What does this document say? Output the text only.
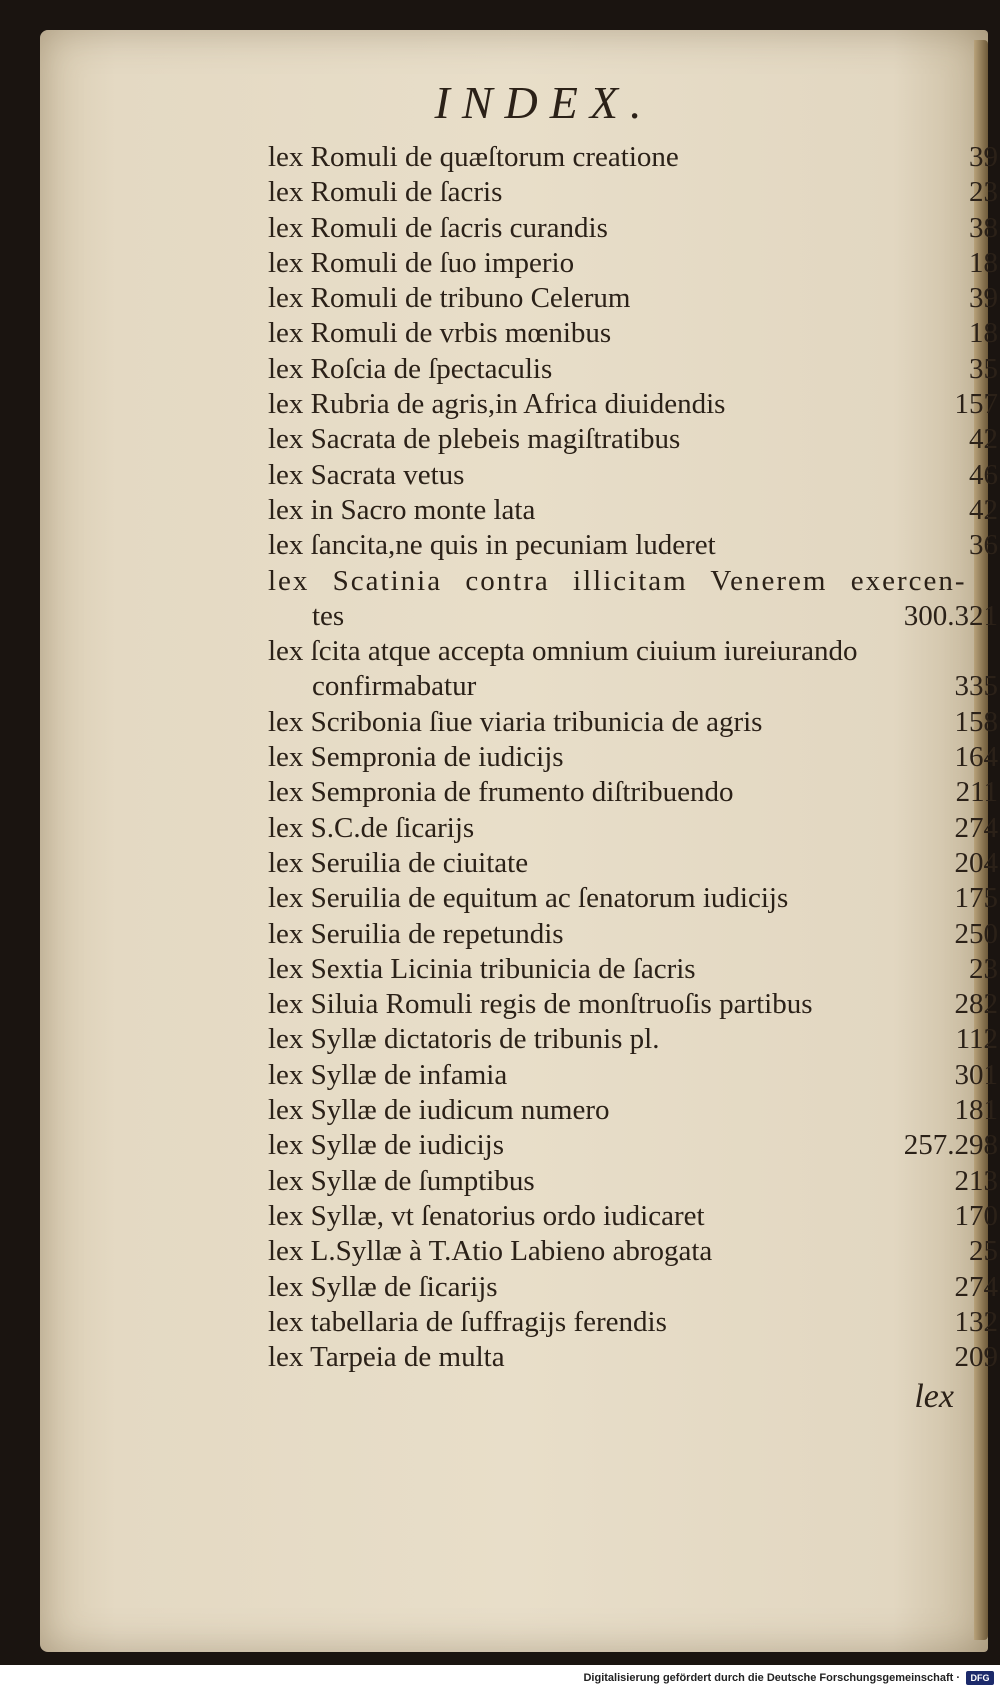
INDEX.
lex Romuli de quæſtorum creatione	39
lex Romuli de ſacris	23
lex Romuli de ſacris curandis	38
lex Romuli de ſuo imperio	18
lex Romuli de tribuno Celerum	39
lex Romuli de vrbis mœnibus	18
lex Roſcia de ſpectaculis	35
lex Rubria de agris,in Africa diuidendis	157
lex Sacrata de plebeis magiſtratibus	42
lex Sacrata vetus	46
lex in Sacro monte lata	42
lex ſancita,ne quis in pecuniam luderet	36
lex Scatinia contra illicitam Venerem exercen-
tes	300.321
lex ſcita atque accepta omnium ciuium iureiurando
confirmabatur	335
lex Scribonia ſiue viaria tribunicia de agris	158
lex Sempronia de iudicijs	164
lex Sempronia de frumento diſtribuendo	211
lex S.C.de ſicarijs	274
lex Seruilia de ciuitate	204
lex Seruilia de equitum ac ſenatorum iudicijs	175
lex Seruilia de repetundis	250
lex Sextia Licinia tribunicia de ſacris	23
lex Siluia Romuli regis de monſtruoſis partibus	282
lex Syllæ dictatoris de tribunis pl.	112
lex Syllæ de infamia	301
lex Syllæ de iudicum numero	181
lex Syllæ de iudicijs	257.298
lex Syllæ de ſumptibus	213
lex Syllæ, vt ſenatorius ordo iudicaret	170
lex L.Syllæ à T.Atio Labieno abrogata	25
lex Syllæ de ſicarijs	274
lex tabellaria de ſuffragijs ferendis	132
lex Tarpeia de multa	209
lex
Digitalisierung gefördert durch die Deutsche Forschungsgemeinschaft ·	DFG
